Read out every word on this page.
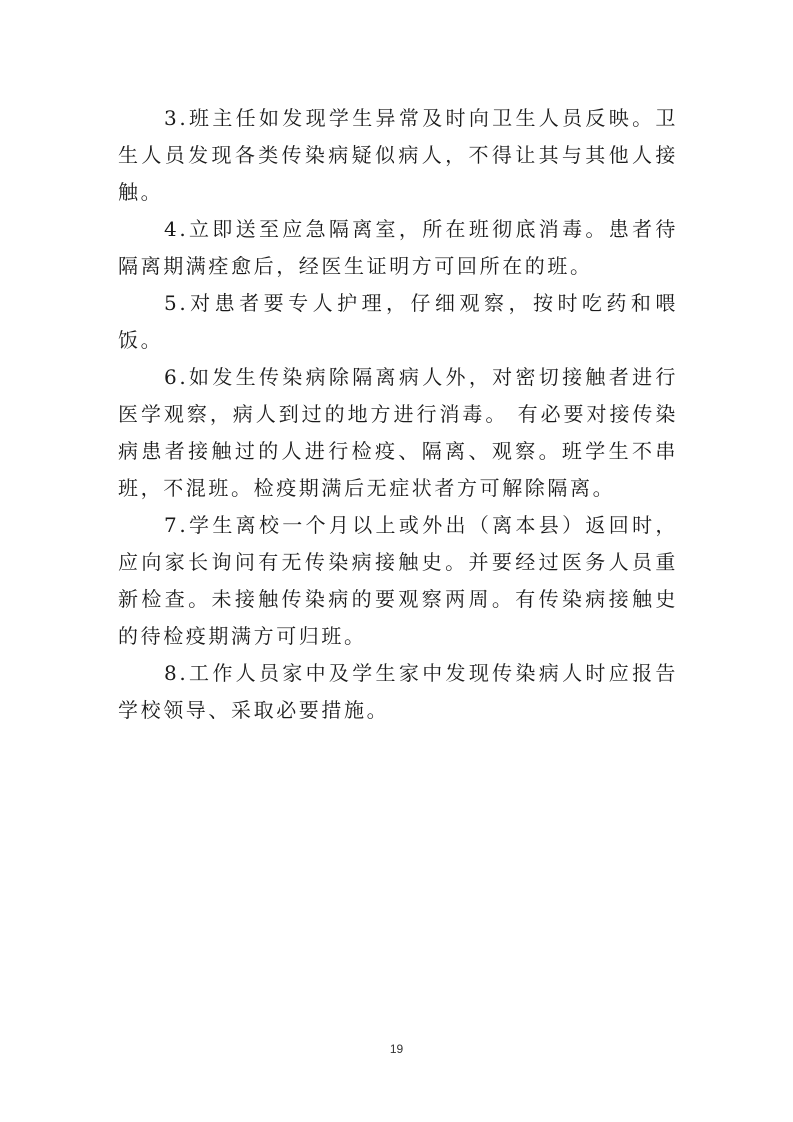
3.班主任如发现学生异常及时向卫生人员反映。卫生人员发现各类传染病疑似病人，不得让其与其他人接触。

4.立即送至应急隔离室，所在班彻底消毒。患者待隔离期满痊愈后，经医生证明方可回所在的班。

5.对患者要专人护理，仔细观察，按时吃药和喂饭。

6.如发生传染病除隔离病人外，对密切接触者进行医学观察，病人到过的地方进行消毒。 有必要对接传染病患者接触过的人进行检疫、隔离、观察。班学生不串班，不混班。检疫期满后无症状者方可解除隔离。

7.学生离校一个月以上或外出（离本县）返回时，应向家长询问有无传染病接触史。并要经过医务人员重新检查。未接触传染病的要观察两周。有传染病接触史的待检疫期满方可归班。

8.工作人员家中及学生家中发现传染病人时应报告学校领导、采取必要措施。

19
